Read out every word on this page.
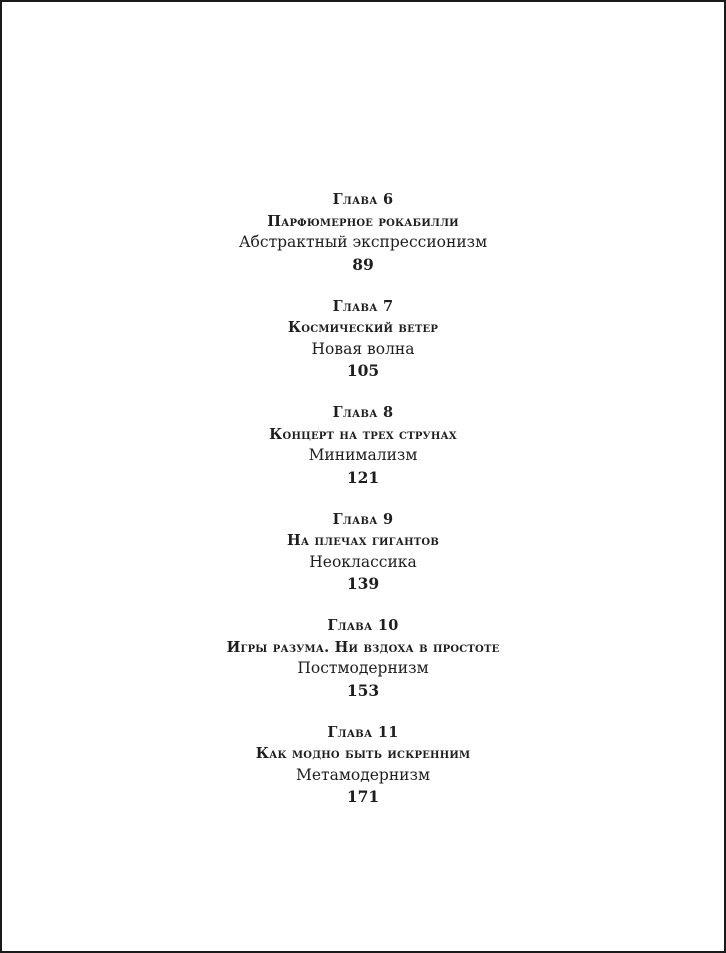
Глава 6
Парфюмерное рокабилли
Абстрактный экспрессионизм
89
Глава 7
Космический ветер
Новая волна
105
Глава 8
Концерт на трех струнах
Минимализм
121
Глава 9
На плечах гигантов
Неоклассика
139
Глава 10
Игры разума. Ни вздоха в простоте
Постмодернизм
153
Глава 11
Как модно быть искренним
Метамодернизм
171
